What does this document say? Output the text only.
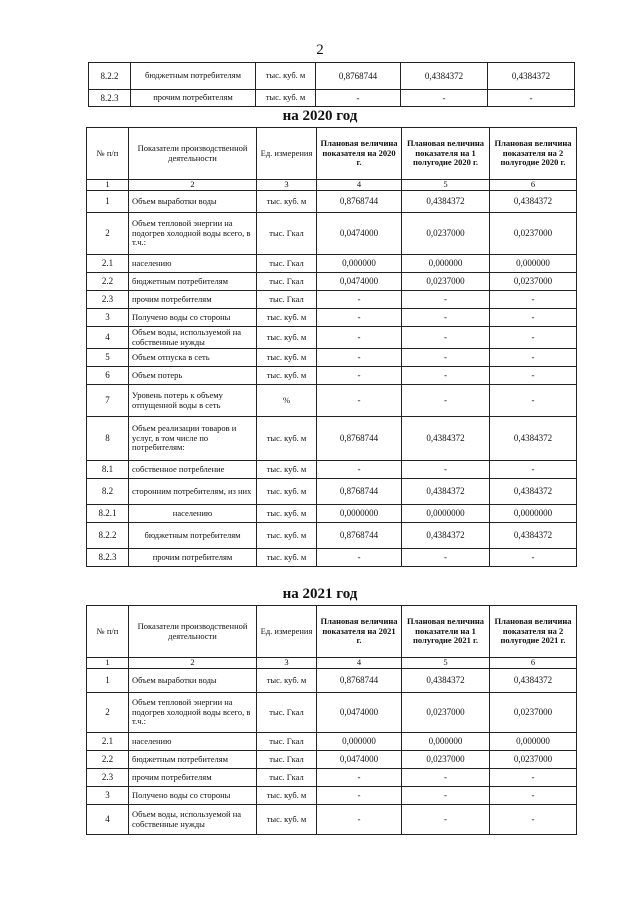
2
8.2.2	бюджетным потребителям	тыс. куб. м	0,8768744	0,4384372	0,4384372
8.2.3	прочим потребителям	тыс. куб. м	-	-	-
на 2020 год
№ п/п	Показатели производственной деятельности	Ед. измерения	Плановая величина показателя на 2020 г.	Плановая величина показателя на 1 полугодие 2020 г.	Плановая величина показателя на 2 полугодие 2020 г.
1	2	3	4	5	6
1	Объем выработки воды	тыс. куб. м	0,8768744	0,4384372	0,4384372
2	Объем тепловой энергии на подогрев холодной воды всего, в т.ч.:	тыс. Гкал	0,0474000	0,0237000	0,0237000
2.1	населению	тыс. Гкал	0,000000	0,000000	0,000000
2.2	бюджетным потребителям	тыс. Гкал	0,0474000	0,0237000	0,0237000
2.3	прочим потребителям	тыс. Гкал	-	-	-
3	Получено воды со стороны	тыс. куб. м	-	-	-
4	Объем воды, используемой на собственные нужды	тыс. куб. м	-	-	-
5	Объем отпуска в сеть	тыс. куб. м	-	-	-
6	Объем потерь	тыс. куб. м	-	-	-
7	Уровень потерь к объему отпущенной воды в сеть	%	-	-	-
8	Объем реализации товаров и услуг, в том числе по потребителям:	тыс. куб. м	0,8768744	0,4384372	0,4384372
8.1	собственное потребление	тыс. куб. м	-	-	-
8.2	сторонним потребителям, из них	тыс. куб. м	0,8768744	0,4384372	0,4384372
8.2.1	населению	тыс. куб. м	0,0000000	0,0000000	0,0000000
8.2.2	бюджетным потребителям	тыс. куб. м	0,8768744	0,4384372	0,4384372
8.2.3	прочим потребителям	тыс. куб. м	-	-	-
на 2021 год
№ п/п	Показатели производственной деятельности	Ед. измерения	Плановая величина показателя на 2021 г.	Плановая величина показатели на 1 полугодие 2021 г.	Плановая величина показателя на 2 полугодие 2021 г.
1	2	3	4	5	6
1	Объем выработки воды	тыс. куб. м	0,8768744	0,4384372	0,4384372
2	Объем тепловой энергии на подогрев холодной воды всего, в т.ч.:	тыс. Гкал	0,0474000	0,0237000	0,0237000
2.1	населению	тыс. Гкал	0,000000	0,000000	0,000000
2.2	бюджетным потребителям	тыс. Гкал	0,0474000	0,0237000	0,0237000
2.3	прочим потребителям	тыс. Гкал	-	-	-
3	Получено воды со стороны	тыс. куб. м	-	-	-
4	Объем воды, используемой на собственные нужды	тыс. куб. м	-	-	-
